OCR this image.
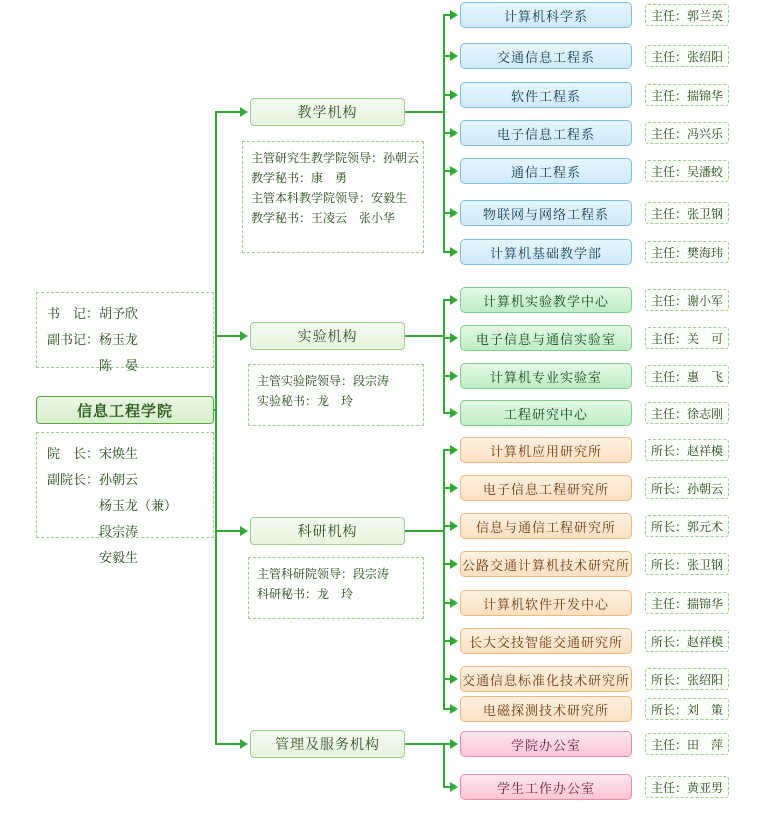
书　记：胡予欣
副书记：杨玉龙
　　　　陈　晏
信息工程学院
院　长：宋焕生
副院长：孙朝云
　　　　杨玉龙（兼）
　　　　段宗涛
　　　　安毅生
教学机构
主管研究生教学院领导：孙朝云
教学秘书：康　勇
主管本科教学院领导：安毅生
教学秘书：王凌云　张小华
计算机科学系	主任：郭兰英
交通信息工程系	主任：张绍阳
软件工程系	主任：揣锦华
电子信息工程系	主任：冯兴乐
通信工程系	主任：吴潘蛟
物联网与网络工程系	主任：张卫钢
计算机基础教学部	主任：樊海玮
实验机构
主管实验院领导：段宗涛
实验秘书：龙　玲
计算机实验教学中心	主任：谢小军
电子信息与通信实验室	主任：关　可
计算机专业实验室	主任：惠　飞
工程研究中心	主任：徐志刚
科研机构
主管科研院领导：段宗涛
科研秘书：龙　玲
计算机应用研究所	所长：赵祥模
电子信息工程研究所	所长：孙朝云
信息与通信工程研究所	所长：郭元术
公路交通计算机技术研究所	所长：张卫钢
计算机软件开发中心	主任：揣锦华
长大交技智能交通研究所	所长：赵祥模
交通信息标准化技术研究所	所长：张绍阳
电磁探测技术研究所	所长：刘　策
管理及服务机构	学院办公室	主任：田　萍
学生工作办公室	主任：黄亚男
